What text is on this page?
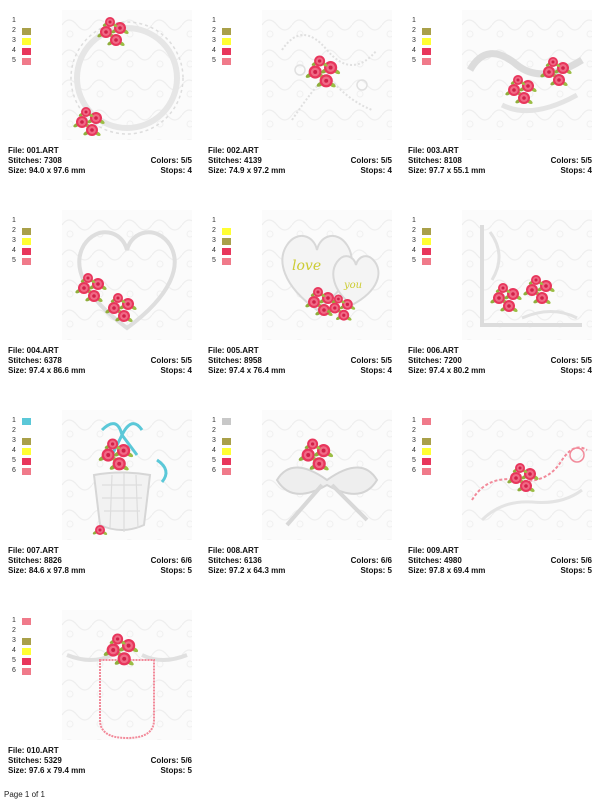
1
2
3
4
5
File: 001.ART
Stitches: 7308	Colors: 5/5
Size: 94.0 x 97.6 mm	Stops: 4
1
2
3
4
5
File: 002.ART
Stitches: 4139	Colors: 5/5
Size: 74.9 x 97.2 mm	Stops: 4
1
2
3
4
5
File: 003.ART
Stitches: 8108	Colors: 5/5
Size: 97.7 x 55.1 mm	Stops: 4
1
2
3
4
5
File: 004.ART
Stitches: 6378	Colors: 5/5
Size: 97.4 x 86.6 mm	Stops: 4
1
2
3
4
5	love
you
File: 005.ART
Stitches: 8958	Colors: 5/5
Size: 97.4 x 76.4 mm	Stops: 4
1
2
3
4
5
File: 006.ART
Stitches: 7200	Colors: 5/5
Size: 97.4 x 80.2 mm	Stops: 4
1
2
3
4
5
6
File: 007.ART
Stitches: 8826	Colors: 6/6
Size: 84.6 x 97.8 mm	Stops: 5
1
2
3
4
5
6
File: 008.ART
Stitches: 6136	Colors: 6/6
Size: 97.2 x 64.3 mm	Stops: 5
1
2
3
4
5
6
File: 009.ART
Stitches: 4980	Colors: 5/6
Size: 97.8 x 69.4 mm	Stops: 5
1
2
3
4
5
6
File: 010.ART
Stitches: 5329	Colors: 5/6
Size: 97.6 x 79.4 mm	Stops: 5
Page 1 of 1
